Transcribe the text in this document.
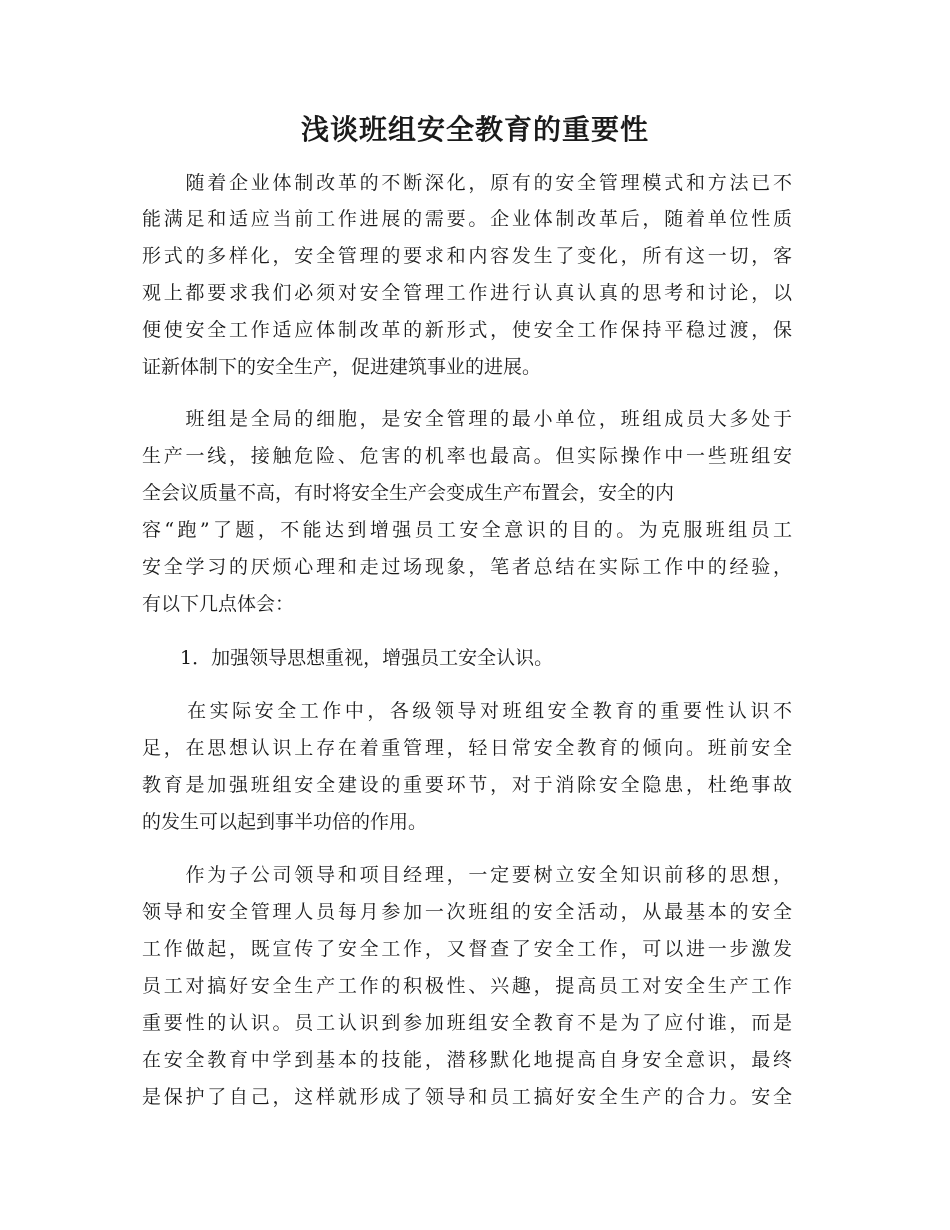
浅谈班组安全教育的重要性

　　随着企业体制改革的不断深化，原有的安全管理模式和方法已不

能满足和适应当前工作进展的需要。企业体制改革后，随着单位性质

形式的多样化，安全管理的要求和内容发生了变化，所有这一切，客

观上都要求我们必须对安全管理工作进行认真认真的思考和讨论，以

便使安全工作适应体制改革的新形式，使安全工作保持平稳过渡，保

证新体制下的安全生产，促进建筑事业的进展。

　　班组是全局的细胞，是安全管理的最小单位，班组成员大多处于

生产一线，接触危险、危害的机率也最高。但实际操作中一些班组安

全会议质量不高，有时将安全生产会变成生产布置会，安全的内

容“跑”了题，不能达到增强员工安全意识的目的。为克服班组员工

安全学习的厌烦心理和走过场现象，笔者总结在实际工作中的经验，

有以下几点体会：

　　1．加强领导思想重视，增强员工安全认识。

　　在实际安全工作中，各级领导对班组安全教育的重要性认识不

足，在思想认识上存在着重管理，轻日常安全教育的倾向。班前安全

教育是加强班组安全建设的重要环节，对于消除安全隐患，杜绝事故

的发生可以起到事半功倍的作用。

　　作为子公司领导和项目经理，一定要树立安全知识前移的思想，

领导和安全管理人员每月参加一次班组的安全活动，从最基本的安全

工作做起，既宣传了安全工作，又督查了安全工作，可以进一步激发

员工对搞好安全生产工作的积极性、兴趣，提高员工对安全生产工作

重要性的认识。员工认识到参加班组安全教育不是为了应付谁，而是

在安全教育中学到基本的技能，潜移默化地提高自身安全意识，最终

是保护了自己，这样就形成了领导和员工搞好安全生产的合力。安全
